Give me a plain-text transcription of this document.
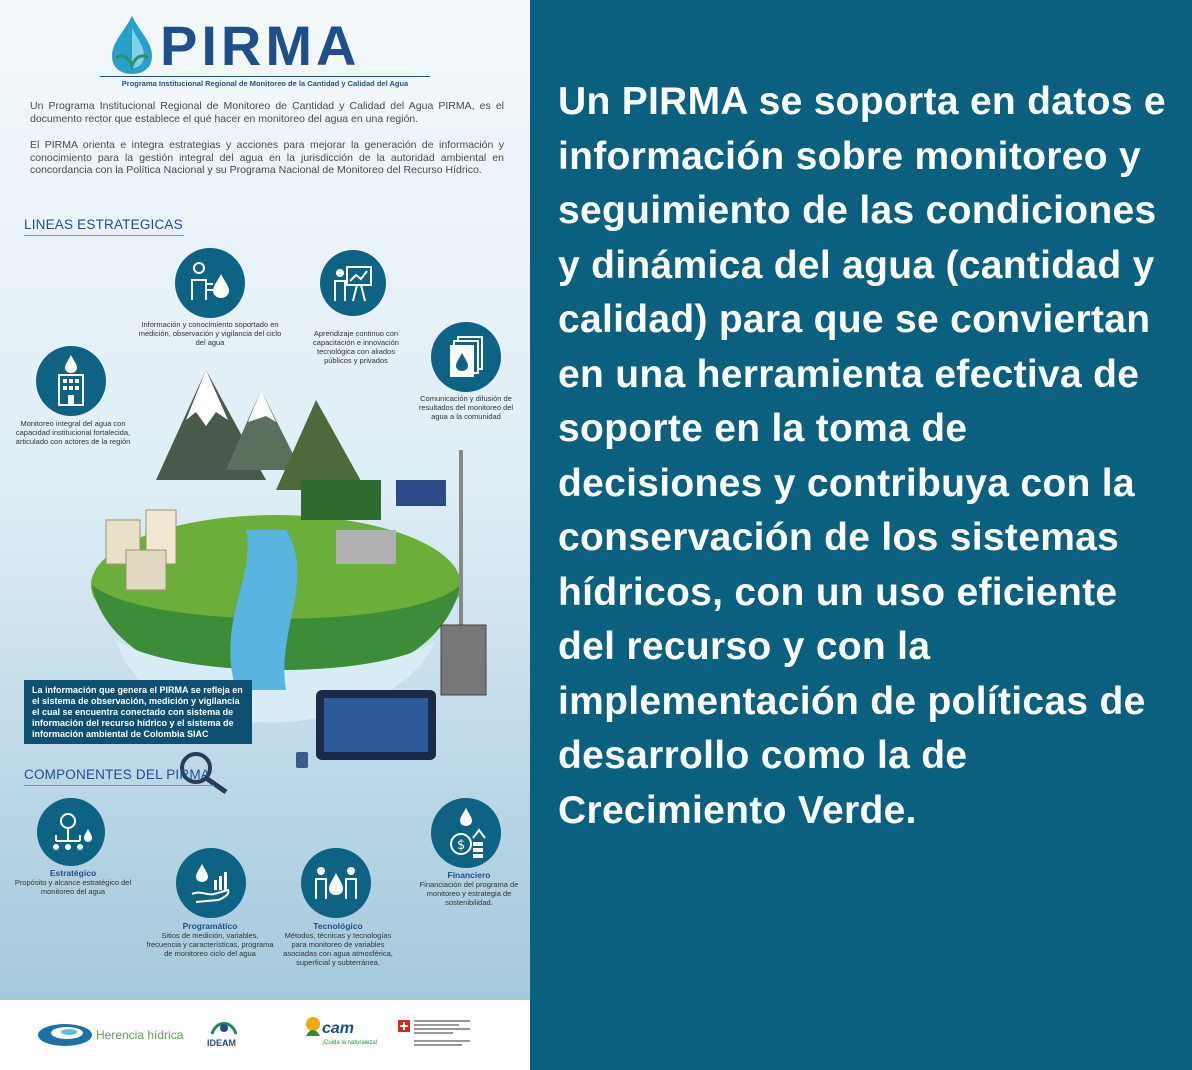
PIRMA
Programa Institucional Regional de Monitoreo de la Cantidad y Calidad del Agua

Un Programa Institucional Regional de Monitoreo de Cantidad y Calidad del Agua PIRMA, es el documento rector que establece el qué hacer en monitoreo del agua en una región.

El PIRMA orienta e integra estrategias y acciones para mejorar la generación de información y conocimiento para la gestión integral del agua en la jurisdicción de la autoridad ambiental en concordancia con la Política Nacional y su Programa Nacional de Monitoreo del Recurso Hídrico.

LINEAS ESTRATEGICAS
Información y conocimiento soportado en medición, observación y vigilancia del ciclo del agua
Aprendizaje continuo con capacitación e innovación tecnológica con aliados públicos y privados
Monitoreo integral del agua con capacidad institucional fortalecida, articulado con actores de la región
Comunicación y difusión de resultados del monitoreo del agua a la comunidad
La información que genera el PIRMA se refleja en el sistema de observación, medición y vigilancia el cual se encuentra conectado con sistema de información del recurso hídrico y el sistema de información ambiental de Colombia SIAC
COMPONENTES DEL PIRMA
Estratégico
Propósito y alcance estratégico del monitoreo del agua
Programático
Sitios de medición, variables, frecuencia y características, programa de monitoreo ciclo del agua
Tecnológico
Métodos, técnicas y tecnologías para monitoreo de variables asociadas con agua atmosférica, superficial y subterránea.
$
Financiero
Financiación del programa de monitoreo y estrategia de sostenibilidad.
Herencia hídrica
IDEAM
cam
¡Cuida la naturaleza!

Un PIRMA se soporta en datos e información sobre monitoreo y seguimiento de las condiciones y dinámica del agua (cantidad y calidad) para que se conviertan en una herramienta efectiva de soporte en la toma de decisiones y contribuya con la conservación de los sistemas hídricos, con un uso eficiente del recurso y con la implementación de políticas de desarrollo como la de Crecimiento Verde.
